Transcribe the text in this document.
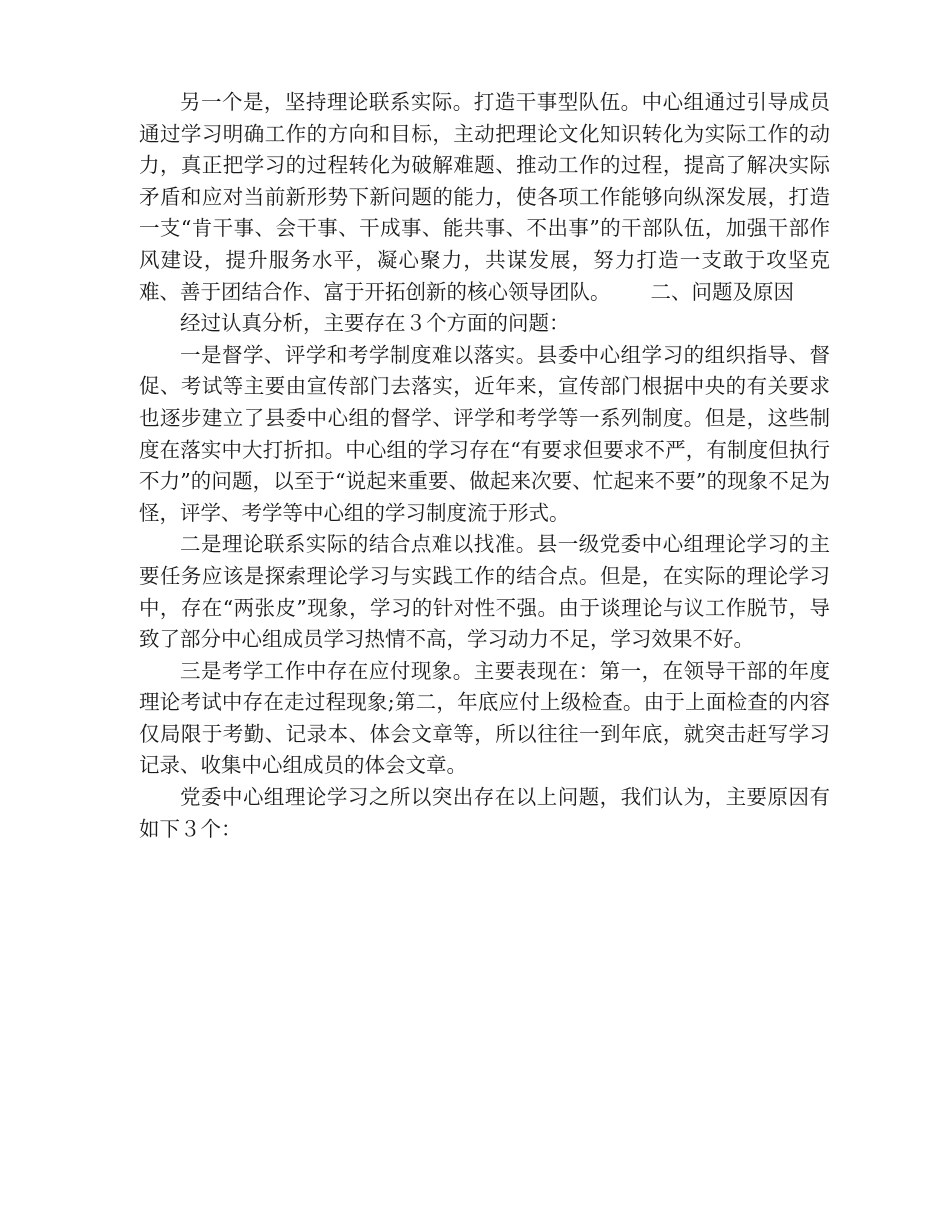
另一个是，坚持理论联系实际。打造干事型队伍。中心组通过引导成员通过学习明确工作的方向和目标，主动把理论文化知识转化为实际工作的动力，真正把学习的过程转化为破解难题、推动工作的过程，提高了解决实际矛盾和应对当前新形势下新问题的能力，使各项工作能够向纵深发展，打造一支“肯干事、会干事、干成事、能共事、不出事”的干部队伍，加强干部作风建设，提升服务水平，凝心聚力，共谋发展，努力打造一支敢于攻坚克难、善于团结合作、富于开拓创新的核心领导团队。 二、问题及原因

经过认真分析，主要存在３个方面的问题：

一是督学、评学和考学制度难以落实。县委中心组学习的组织指导、督促、考试等主要由宣传部门去落实，近年来，宣传部门根据中央的有关要求也逐步建立了县委中心组的督学、评学和考学等一系列制度。但是，这些制度在落实中大打折扣。中心组的学习存在“有要求但要求不严，有制度但执行不力”的问题，以至于“说起来重要、做起来次要、忙起来不要”的现象不足为怪，评学、考学等中心组的学习制度流于形式。

二是理论联系实际的结合点难以找准。县一级党委中心组理论学习的主要任务应该是探索理论学习与实践工作的结合点。但是，在实际的理论学习中，存在“两张皮”现象，学习的针对性不强。由于谈理论与议工作脱节，导致了部分中心组成员学习热情不高，学习动力不足，学习效果不好。

三是考学工作中存在应付现象。主要表现在：第一，在领导干部的年度理论考试中存在走过程现象;第二，年底应付上级检查。由于上面检查的内容仅局限于考勤、记录本、体会文章等，所以往往一到年底，就突击赶写学习记录、收集中心组成员的体会文章。

党委中心组理论学习之所以突出存在以上问题，我们认为，主要原因有如下３个：
